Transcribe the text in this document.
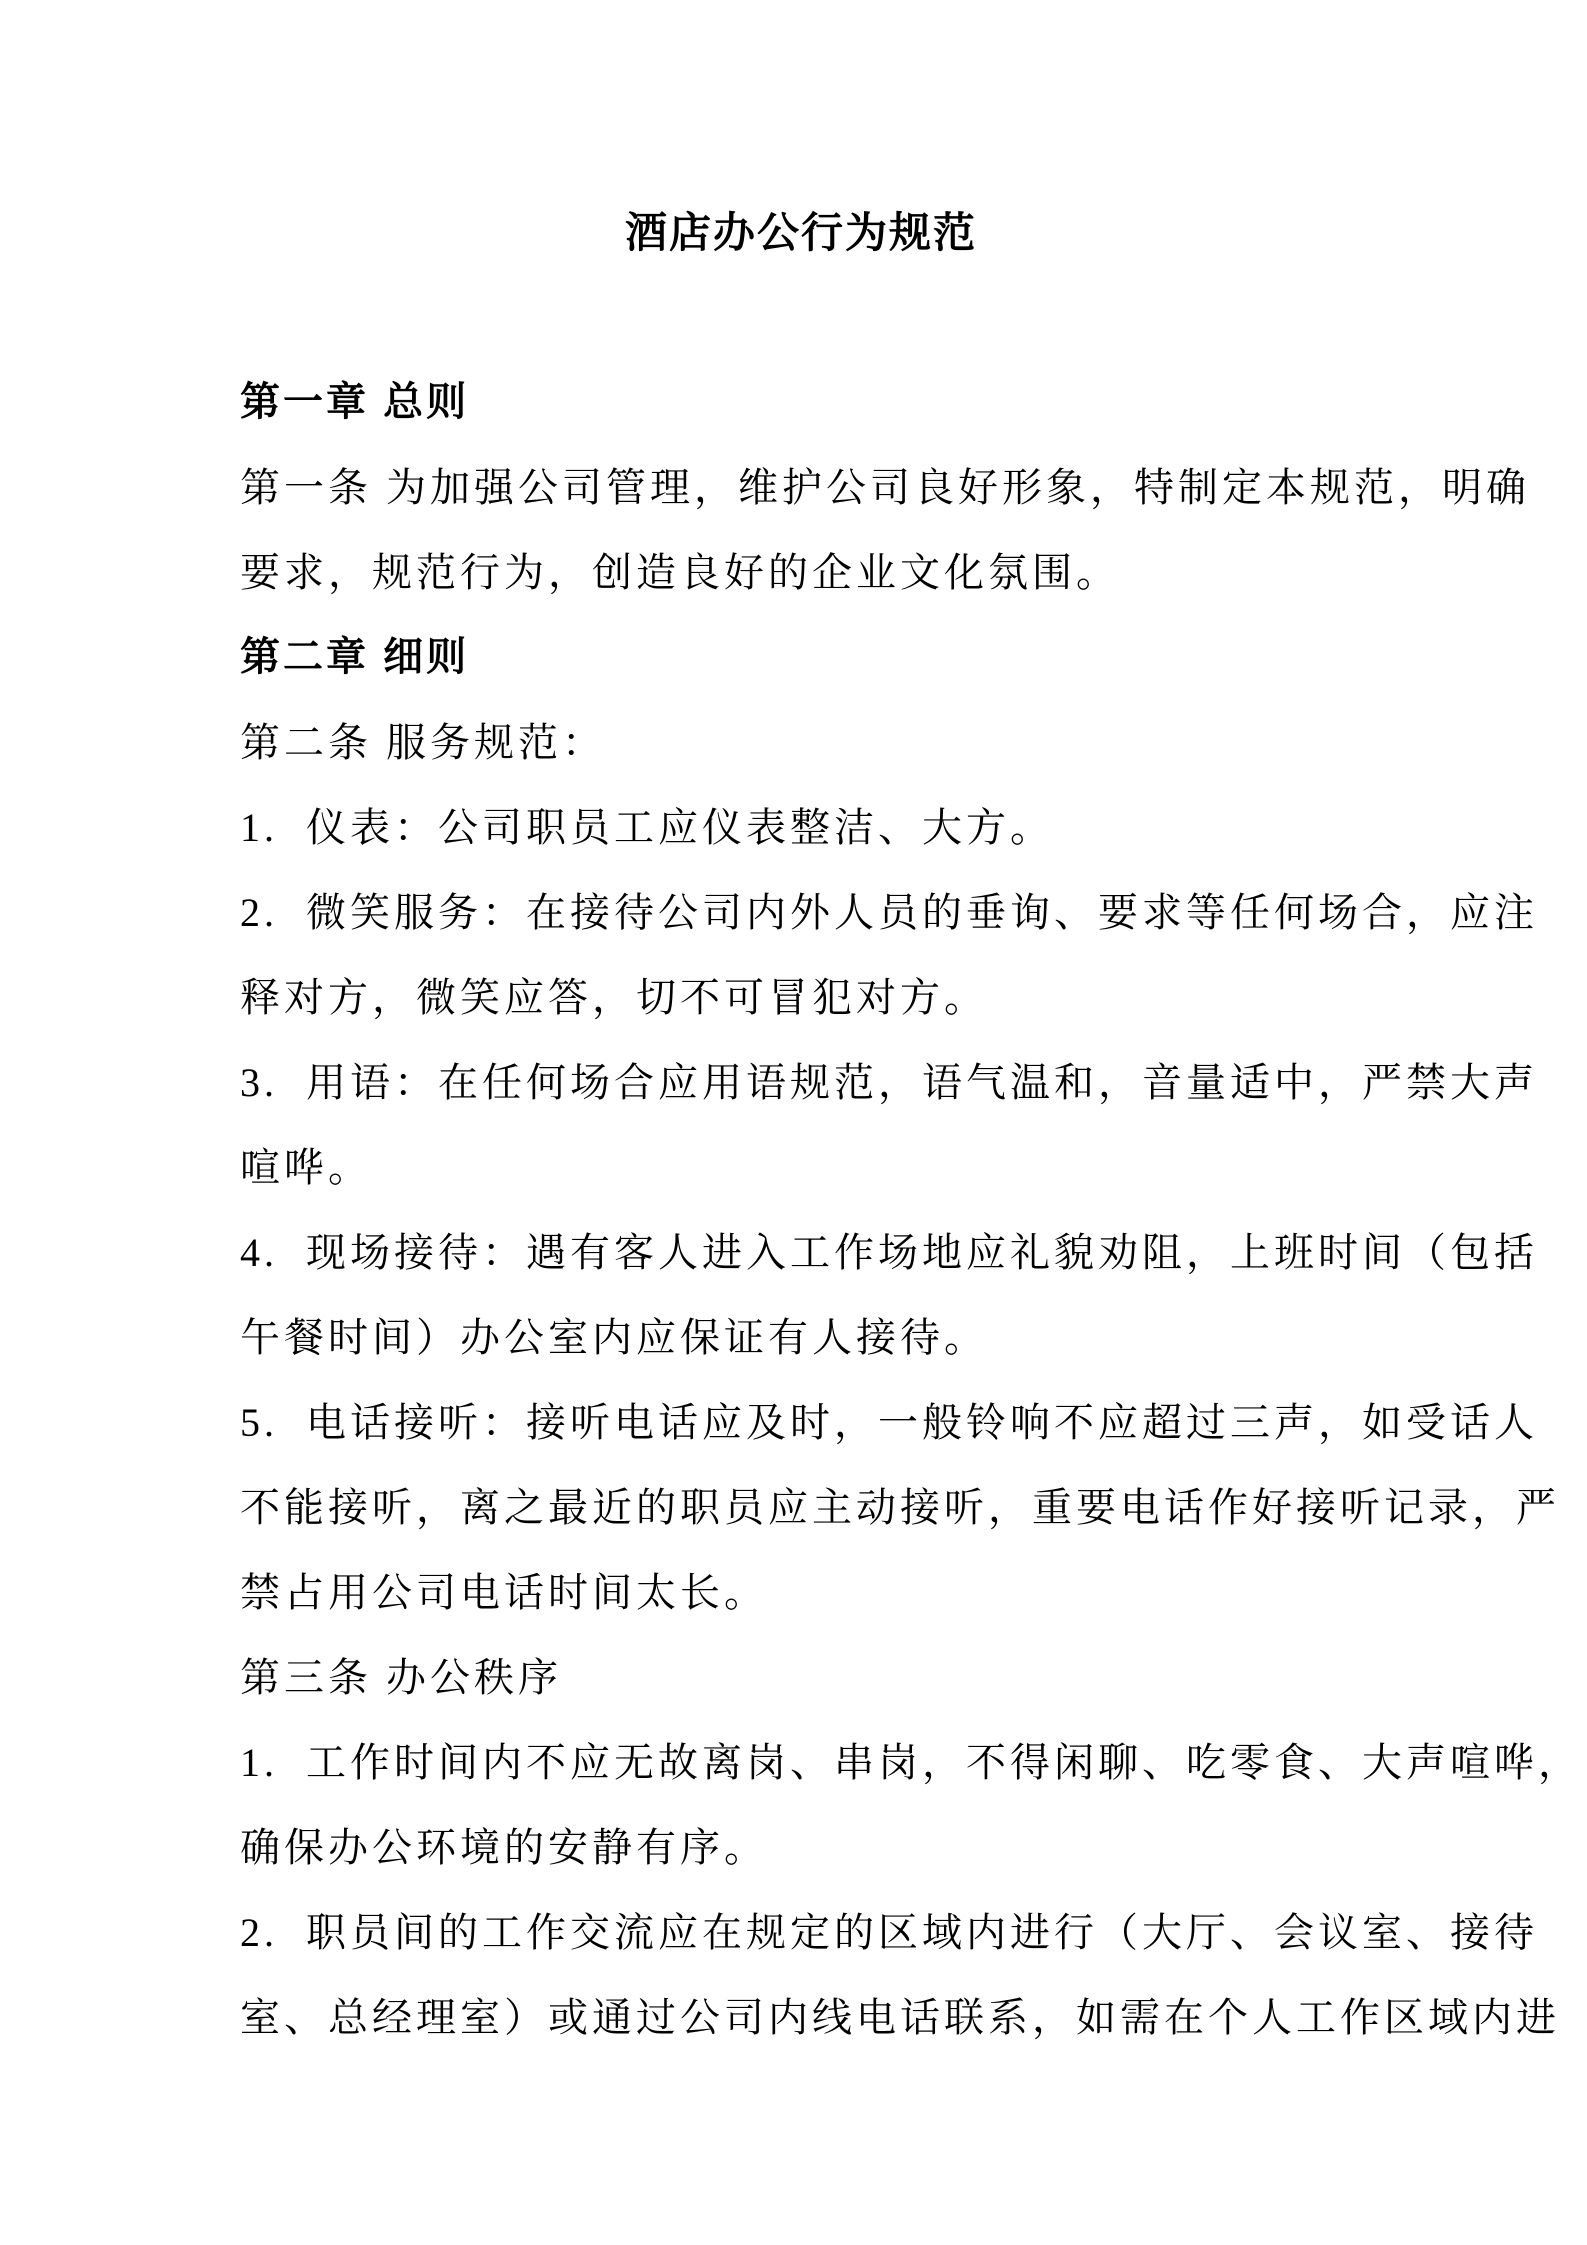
酒店办公行为规范
第一章 总则
第一条 为加强公司管理，维护公司良好形象，特制定本规范，明确
要求，规范行为，创造良好的企业文化氛围。
第二章 细则
第二条 服务规范：
1.  仪表：公司职员工应仪表整洁、大方。
2.  微笑服务：在接待公司内外人员的垂询、要求等任何场合，应注
释对方，微笑应答，切不可冒犯对方。
3.  用语：在任何场合应用语规范，语气温和，音量适中，严禁大声
喧哗。
4.  现场接待：遇有客人进入工作场地应礼貌劝阻，上班时间（包括
午餐时间）办公室内应保证有人接待。
5.  电话接听：接听电话应及时，一般铃响不应超过三声，如受话人
不能接听，离之最近的职员应主动接听，重要电话作好接听记录，严
禁占用公司电话时间太长。
第三条 办公秩序
1.  工作时间内不应无故离岗、串岗，不得闲聊、吃零食、大声喧哗，
确保办公环境的安静有序。
2.  职员间的工作交流应在规定的区域内进行（大厅、会议室、接待
室、总经理室）或通过公司内线电话联系，如需在个人工作区域内进
